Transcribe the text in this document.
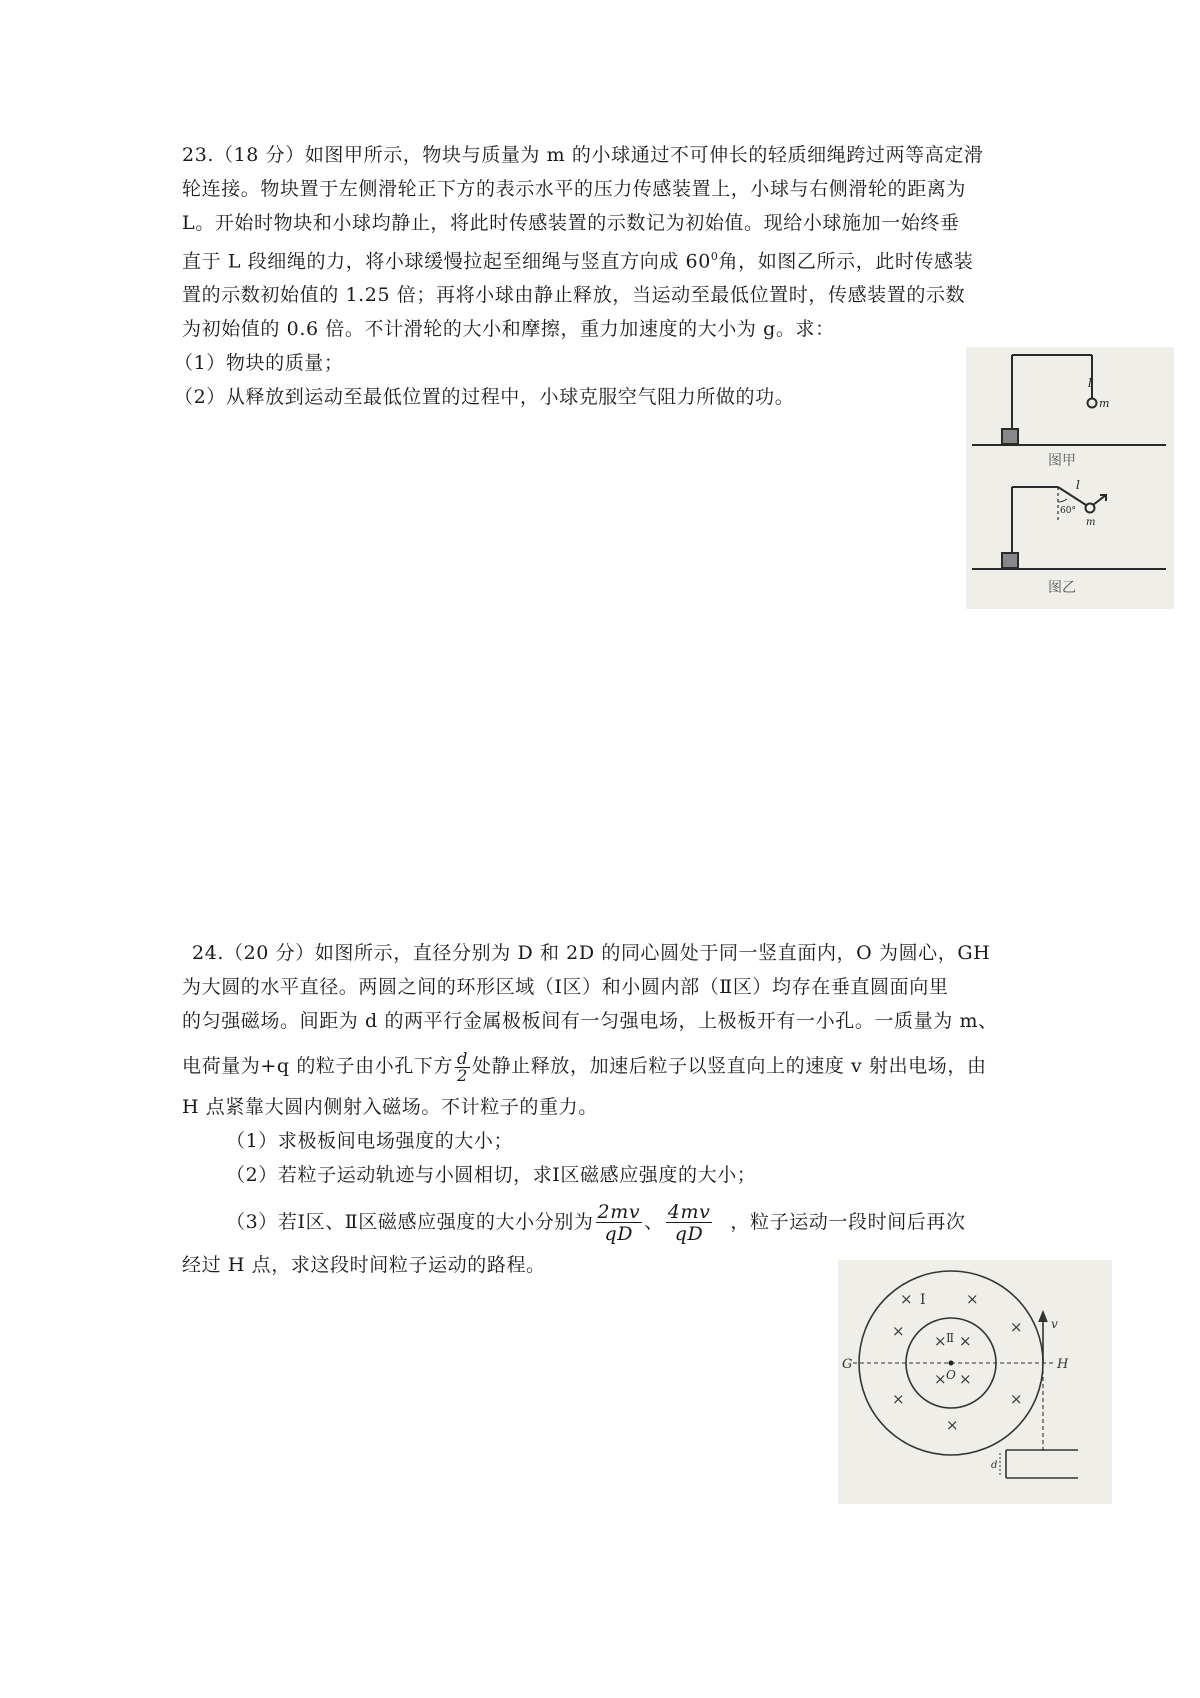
23.（18 分）如图甲所示，物块与质量为 m 的小球通过不可伸长的轻质细绳跨过两等高定滑
轮连接。物块置于左侧滑轮正下方的表示水平的压力传感装置上，小球与右侧滑轮的距离为
L。开始时物块和小球均静止，将此时传感装置的示数记为初始值。现给小球施加一始终垂
直于 L 段细绳的力，将小球缓慢拉起至细绳与竖直方向成 $60^0$角，如图乙所示，此时传感装
置的示数初始值的 1.25 倍；再将小球由静止释放，当运动至最低位置时，传感装置的示数
为初始值的 0.6 倍。不计滑轮的大小和摩擦，重力加速度的大小为 g。求：
（1）物块的质量；
（2）从释放到运动至最低位置的过程中，小球克服空气阻力所做的功。
l
m
图甲
l
60°
m
图乙
24.（20 分）如图所示，直径分别为 D 和 2D 的同心圆处于同一竖直面内，O 为圆心，GH
为大圆的水平直径。两圆之间的环形区域（Ⅰ区）和小圆内部（Ⅱ区）均存在垂直圆面向里
的匀强磁场。间距为 d 的两平行金属极板间有一匀强电场，上极板开有一小孔。一质量为 m、
电荷量为+q 的粒子由小孔下方 $\frac{d}{2}$ 处静止释放，加速后粒子以竖直向上的速度 v 射出电场，由
H 点紧靠大圆内侧射入磁场。不计粒子的重力。
（1）求极板间电场强度的大小；
（2）若粒子运动轨迹与小圆相切，求Ⅰ区磁感应强度的大小；
（3）若Ⅰ区、Ⅱ区磁感应强度的大小分别为 $\frac{2mv}{qD}$ 、 $\frac{4mv}{qD}$ ，粒子运动一段时间后再次
经过 H 点，求这段时间粒子运动的路程。
×	×
×	×
× ×
× ×
×	×
×
Ⅰ
Ⅱ
G	H
O
v
d
